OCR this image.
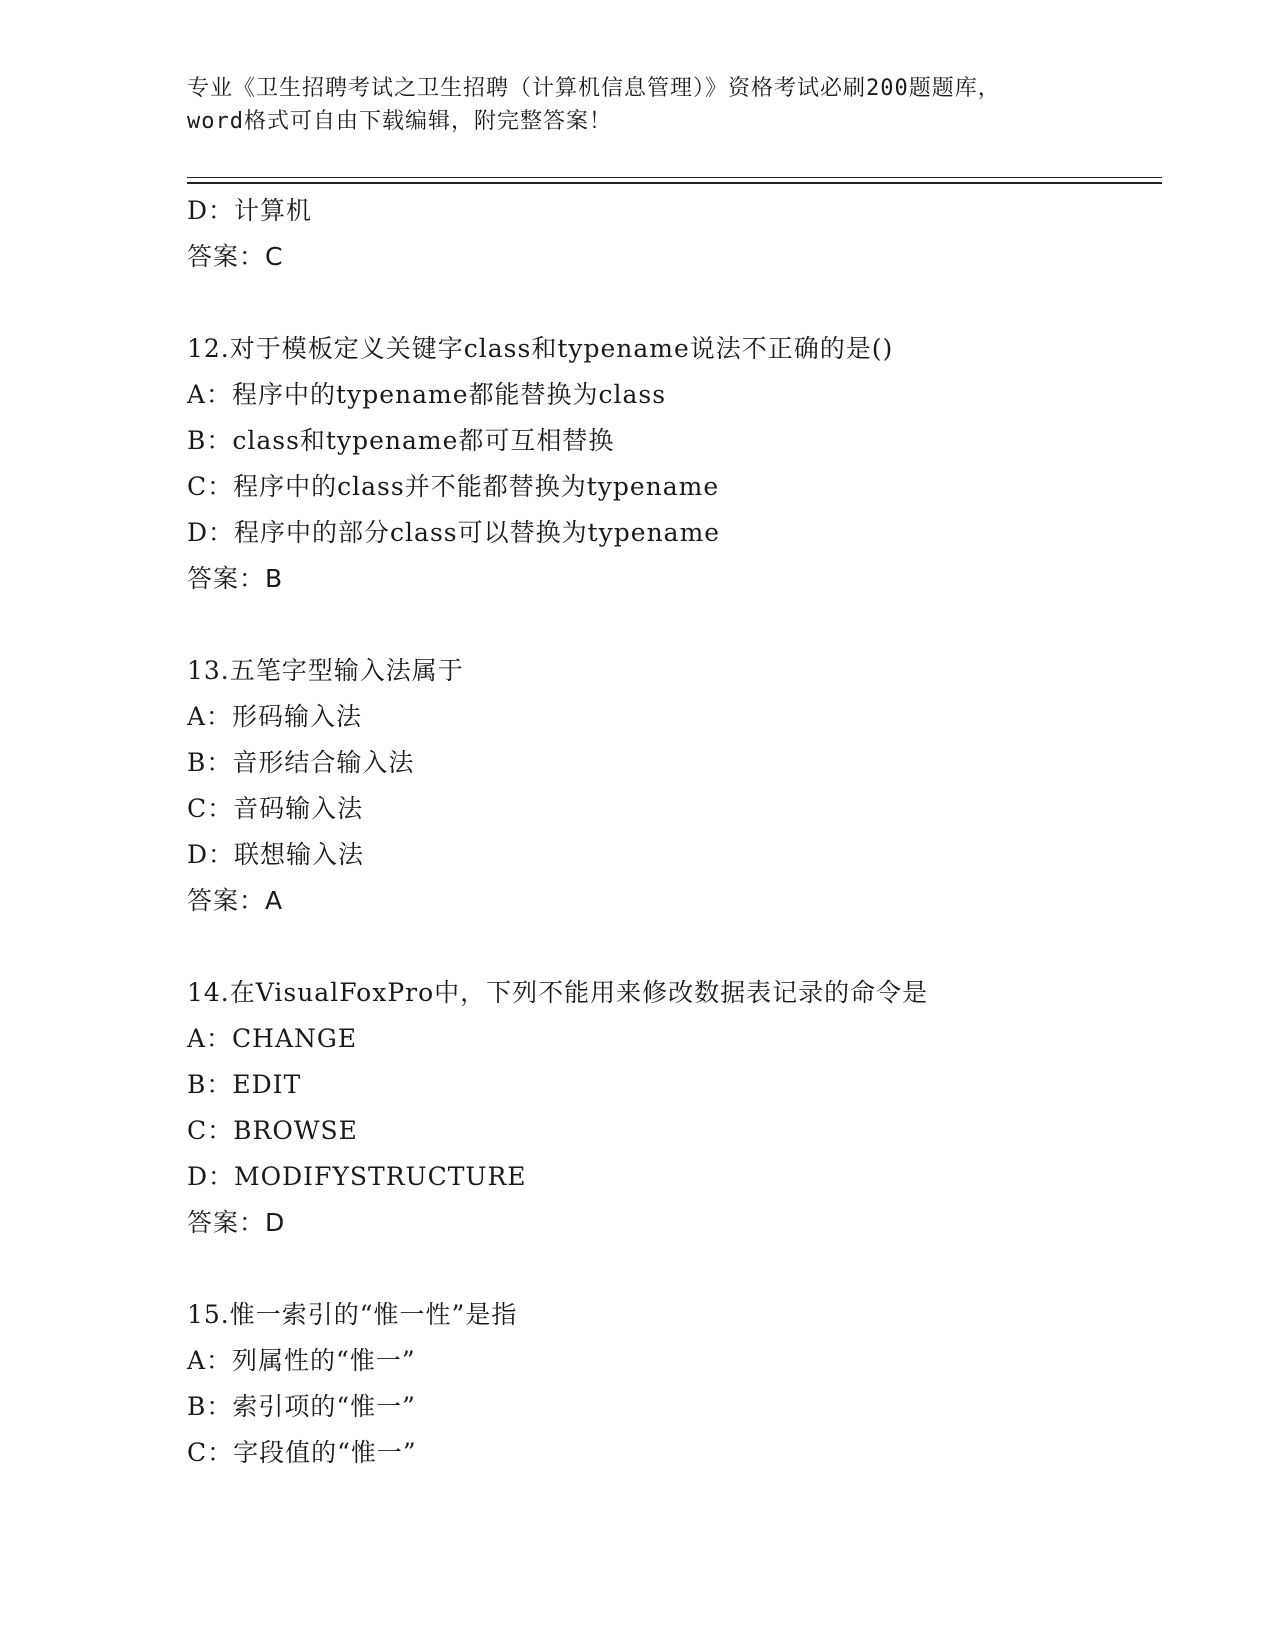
专业《卫生招聘考试之卫生招聘（计算机信息管理）》资格考试必刷200题题库，
word格式可自由下载编辑，附完整答案！
D：计算机
答案：C
12.对于模板定义关键字class和typename说法不正确的是()
A：程序中的typename都能替换为class
B：class和typename都可互相替换
C：程序中的class并不能都替换为typename
D：程序中的部分class可以替换为typename
答案：B
13.五笔字型输入法属于
A：形码输入法
B：音形结合输入法
C：音码输入法
D：联想输入法
答案：A
14.在VisualFoxPro中，下列不能用来修改数据表记录的命令是
A：CHANGE
B：EDIT
C：BROWSE
D：MODIFYSTRUCTURE
答案：D
15.惟一索引的“惟一性”是指
A：列属性的“惟一”
B：索引项的“惟一”
C：字段值的“惟一”
